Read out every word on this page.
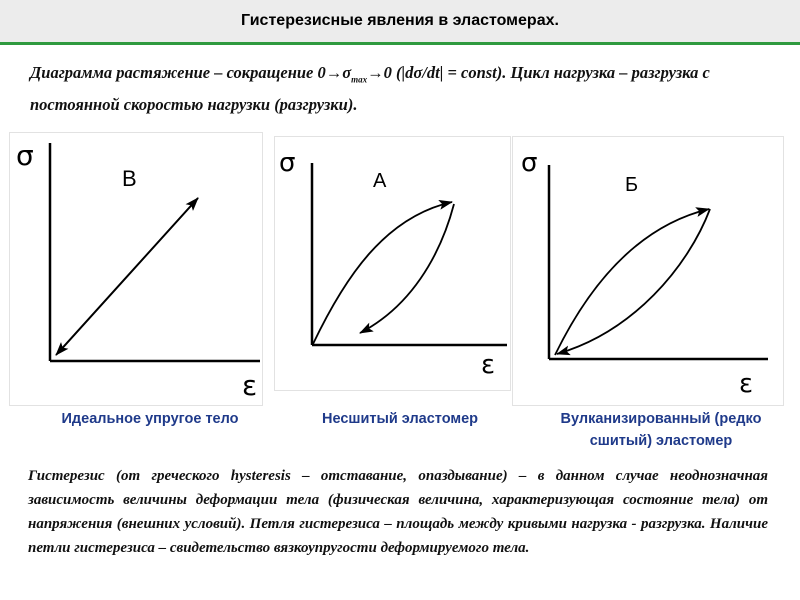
Гистерезисные явления в эластомерах.
Диаграмма растяжение – сокращение $0\to\sigma_{max}\to 0$ (|dσ/dt| = const). Цикл нагрузка – разгрузка с постоянной скоростью нагрузки (разгрузки).
σ
ε
В
σ
ε
А
σ
ε
Б
Идеальное упругое тело	Несшитый эластомер	Вулканизированный (редко сшитый) эластомер
Гистерезис (от греческого hysteresis – отставание, опаздывание) – в данном случае неоднозначная зависимость величины деформации тела (физическая величина, характеризующая состояние тела) от напряжения (внешних условий). Петля гистерезиса – площадь между кривыми нагрузка - разгрузка. Наличие петли гистерезиса – свидетельство вязкоупругости деформируемого тела.
